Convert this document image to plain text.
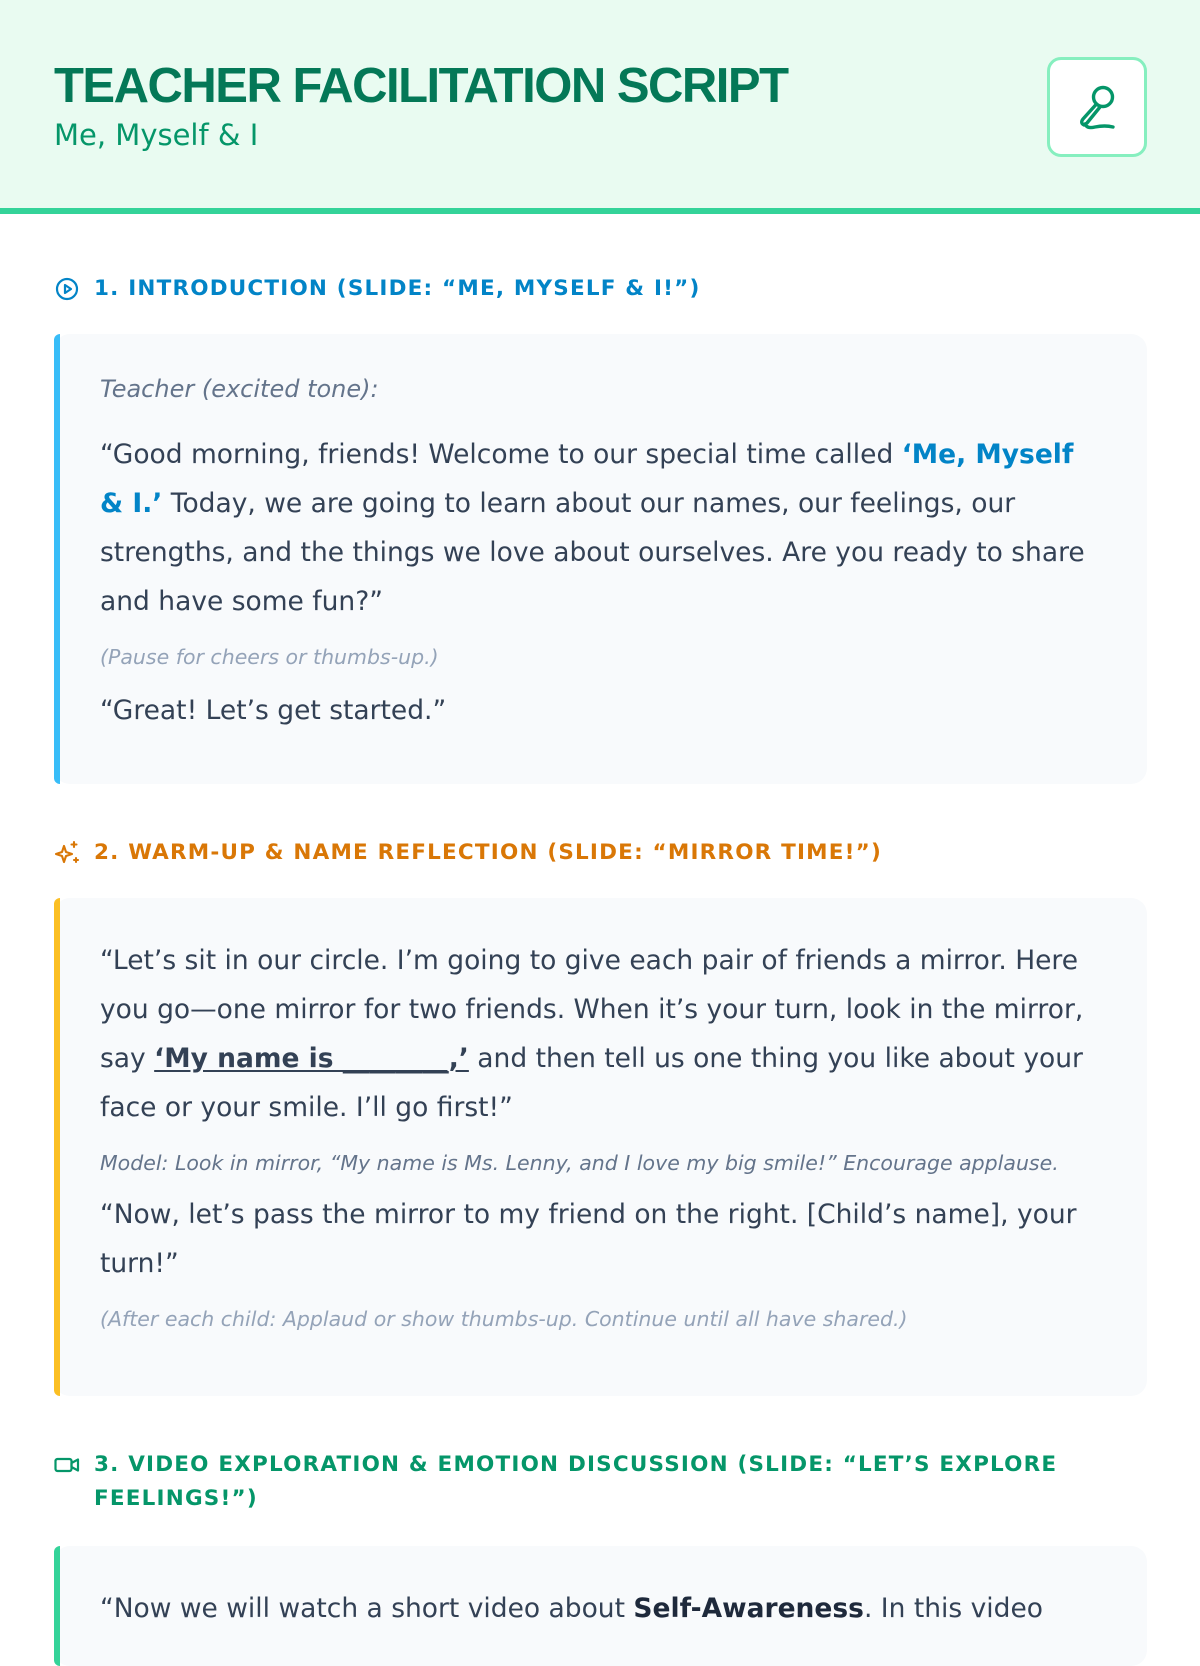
TEACHER FACILITATION SCRIPT
Me, Myself & I
1. INTRODUCTION (SLIDE: “ME, MYSELF & I!”)
Teacher (excited tone):

“Good morning, friends! Welcome to our special time called ‘Me, Myself & I.’ Today, we are going to learn about our names, our feelings, our strengths, and the things we love about ourselves. Are you ready to share and have some fun?”

(Pause for cheers or thumbs-up.)

“Great! Let’s get started.”

2. WARM-UP & NAME REFLECTION (SLIDE: “MIRROR TIME!”)

“Let’s sit in our circle. I’m going to give each pair of friends a mirror. Here you go—one mirror for two friends. When it’s your turn, look in the mirror, say ‘My name is ________,’ and then tell us one thing you like about your face or your smile. I’ll go first!”

Model: Look in mirror, “My name is Ms. Lenny, and I love my big smile!” Encourage applause.

“Now, let’s pass the mirror to my friend on the right. [Child’s name], your turn!”

(After each child: Applaud or show thumbs-up. Continue until all have shared.)
3. VIDEO EXPLORATION & EMOTION DISCUSSION (SLIDE: “LET’S EXPLORE
FEELINGS!”)

“Now we will watch a short video about Self-Awareness. In this video
